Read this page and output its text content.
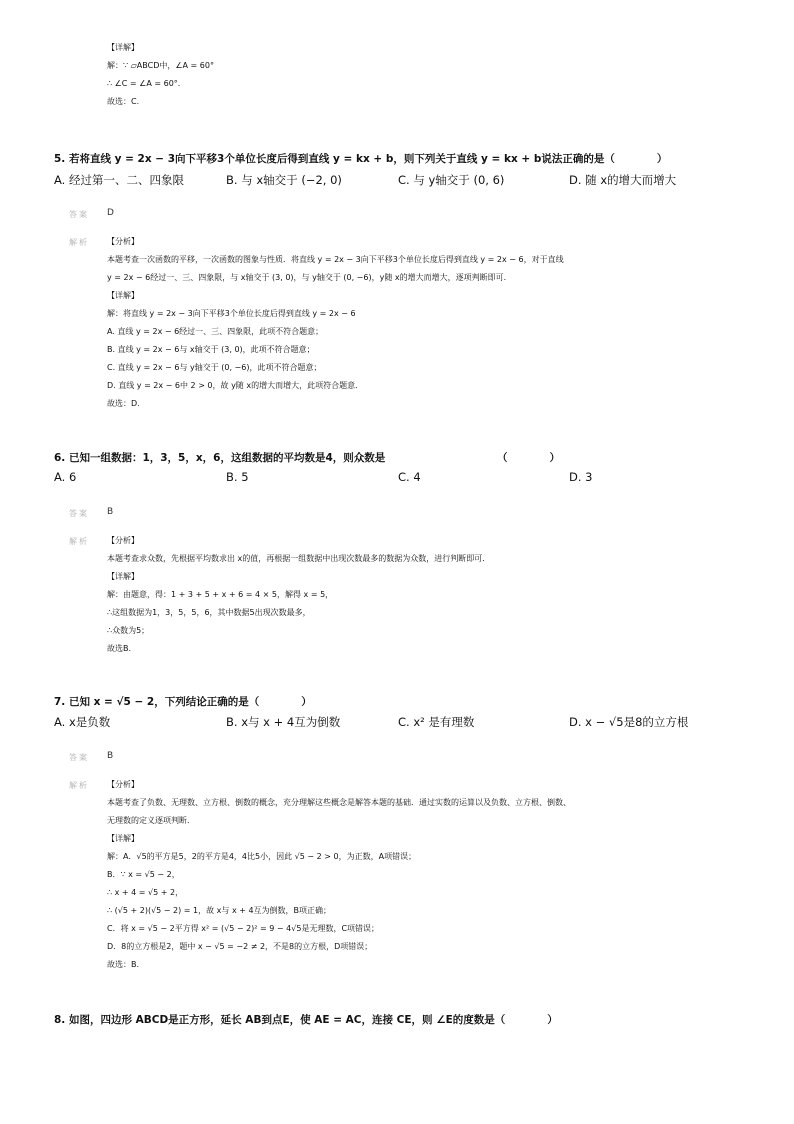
【详解】
解：∵ ▱ABCD中，∠A = 60°
∴ ∠C = ∠A = 60°.
故选：C.
5. 若将直线 y = 2x − 3向下平移3个单位长度后得到直线 y = kx + b，则下列关于直线 y = kx + b说法正确的是（　　　　）
A. 经过第一、二、四象限	B. 与 x轴交于 (−2, 0)	C. 与 y轴交于 (0, 6)	D. 随 x的增大而增大
答案 D
解析 【分析】
本题考查一次函数的平移，一次函数的图象与性质．将直线 y = 2x − 3向下平移3个单位长度后得到直线 y = 2x − 6，对于直线
y = 2x − 6经过一、三、四象限，与 x轴交于 (3, 0)，与 y轴交于 (0, −6)，y随 x的增大而增大，逐项判断即可．
【详解】
解：将直线 y = 2x − 3向下平移3个单位长度后得到直线 y = 2x − 6
A. 直线 y = 2x − 6经过一、三、四象限，此项不符合题意；
B. 直线 y = 2x − 6与 x轴交于 (3, 0)，此项不符合题意；
C. 直线 y = 2x − 6与 y轴交于 (0, −6)，此项不符合题意；
D. 直线 y = 2x − 6中 2 > 0，故 y随 x的增大而增大，此项符合题意．
故选：D.
6. 已知一组数据：1，3，5，x，6，这组数据的平均数是4，则众数是	（　　　　）
A. 6	B. 5	C. 4	D. 3
答案 B
解析 【分析】
本题考查求众数，先根据平均数求出 x的值，再根据一组数据中出现次数最多的数据为众数，进行判断即可．
【详解】
解：由题意，得：1 + 3 + 5 + x + 6 = 4 × 5，解得 x = 5，
∴这组数据为1，3，5，5，6，其中数据5出现次数最多，
∴众数为5；
故选B.
7. 已知 x = √5 − 2，下列结论正确的是（　　　　）
A. x是负数	B. x与 x + 4互为倒数	C. x² 是有理数	D. x − √5是8的立方根
答案 B
解析 【分析】
本题考查了负数、无理数、立方根、倒数的概念，充分理解这些概念是解答本题的基础．通过实数的运算以及负数、立方根、倒数、
无理数的定义逐项判断．
【详解】
解：A．√5的平方是5，2的平方是4，4比5小，因此 √5 − 2 > 0，为正数，A项错误；
B．∵ x = √5 − 2，
∴ x + 4 = √5 + 2，
∴ (√5 + 2)(√5 − 2) = 1，故 x与 x + 4互为倒数，B项正确；
C．将 x = √5 − 2平方得 x² = (√5 − 2)² = 9 − 4√5是无理数，C项错误；
D．8的立方根是2，题中 x − √5 = −2 ≠ 2，不是8的立方根，D项错误；
故选：B.
8. 如图，四边形 ABCD是正方形，延长 AB到点E，使 AE = AC，连接 CE，则 ∠E的度数是（　　　　）
